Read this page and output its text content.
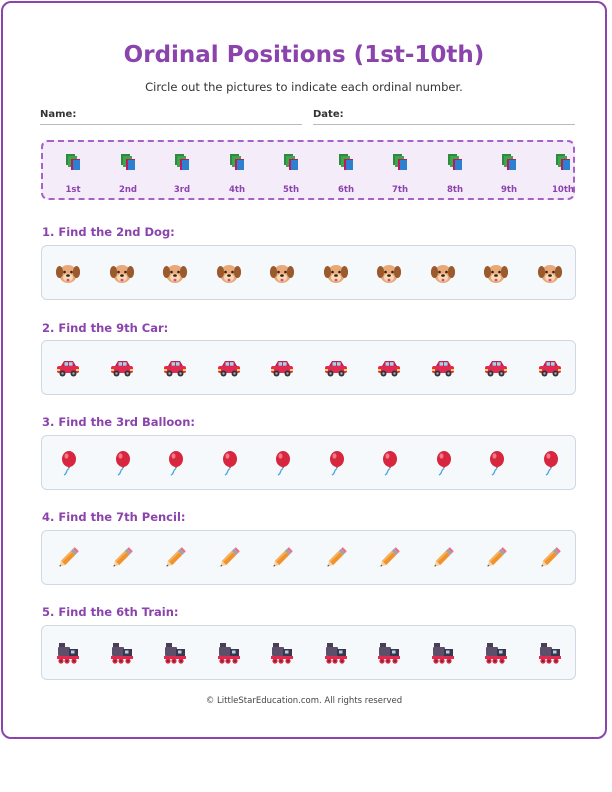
Ordinal Positions (1st-10th)
Circle out the pictures to indicate each ordinal number.
Name:	Date:
1st	2nd	3rd	4th	5th	6th	7th	8th	9th	10th
1. Find the 2nd Dog:
2. Find the 9th Car:
3. Find the 3rd Balloon:
4. Find the 7th Pencil:
5. Find the 6th Train:
© LittleStarEducation.com. All rights reserved
